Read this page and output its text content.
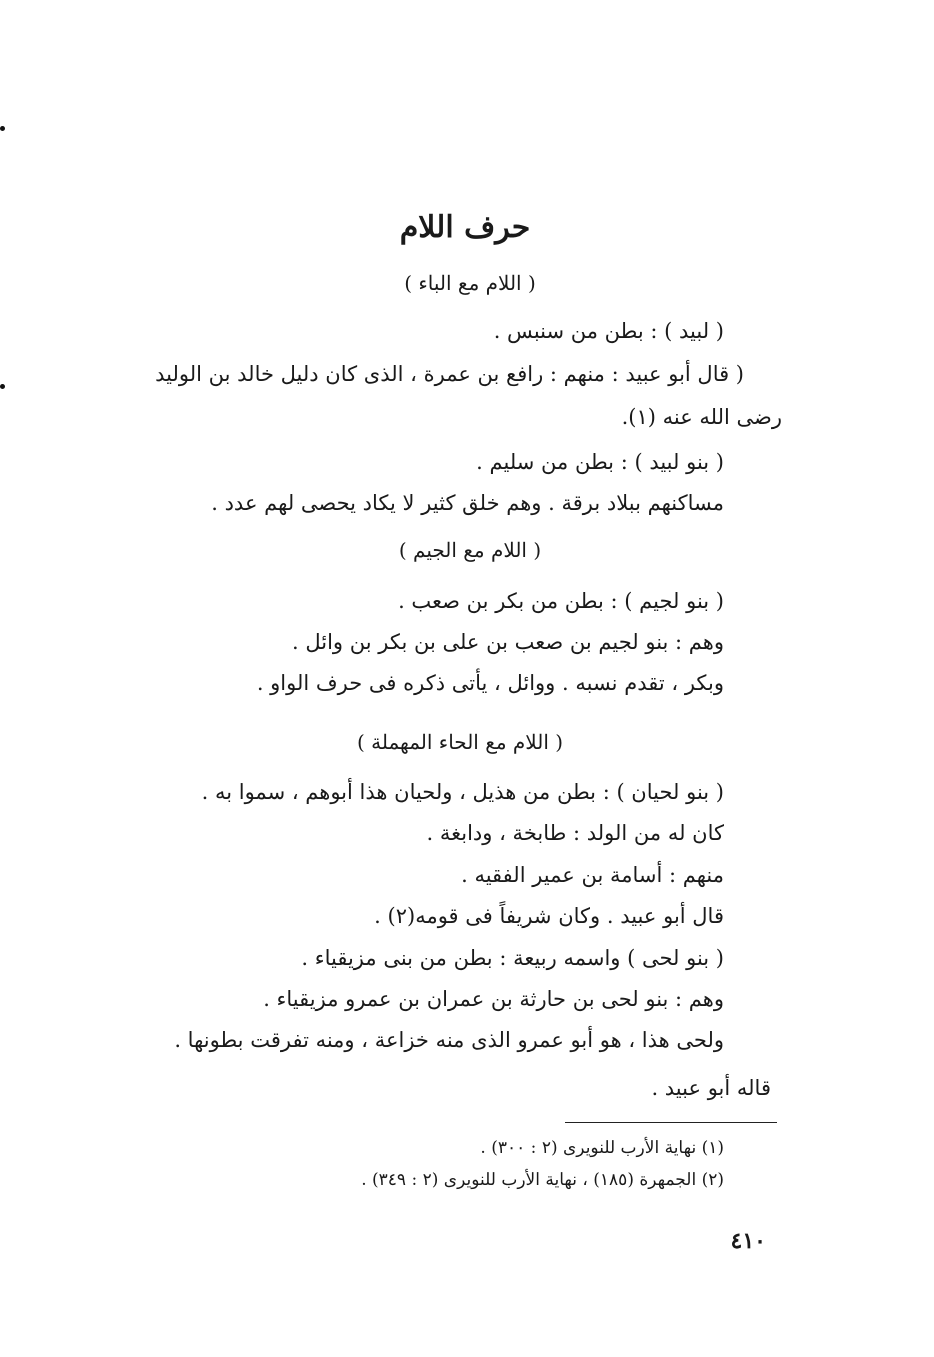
حرف اللام
( اللام مع الباء )
( لبيد ) : بطن من سنبس .
( قال أبو عبيد : منهم : رافع بن عمرة ، الذى كان دليل خالد بن الوليد
رضى الله عنه (١).
( بنو لبيد ) : بطن من سليم .
مساكنهم ببلاد برقة . وهم خلق كثير لا يكاد يحصى لهم عدد .
( اللام مع الجيم )
( بنو لجيم ) : بطن من بكر بن صعب .
وهم : بنو لجيم بن صعب بن على بن بكر بن وائل .
وبكر ، تقدم نسبه . ووائل ، يأتى ذكره فى حرف الواو .
( اللام مع الحاء المهملة )
( بنو لحيان ) : بطن من هذيل ، ولحيان هذا أبوهم ، سموا به .
كان له من الولد : طابخة ، ودابغة .
منهم : أسامة بن عمير الفقيه .
قال أبو عبيد . وكان شريفاً فى قومه(٢) .
( بنو لحى ) واسمه ربيعة : بطن من بنى مزيقياء .
وهم : بنو لحى بن حارثة بن عمران بن عمرو مزيقياء .
ولحى هذا ، هو أبو عمرو الذى منه خزاعة ، ومنه تفرقت بطونها .
قاله أبو عبيد .
(١) نهاية الأرب للنويرى (٢ : ٣٠٠) .
(٢) الجمهرة (١٨٥) ، نهاية الأرب للنويرى (٢ : ٣٤٩) .
٤١٠
